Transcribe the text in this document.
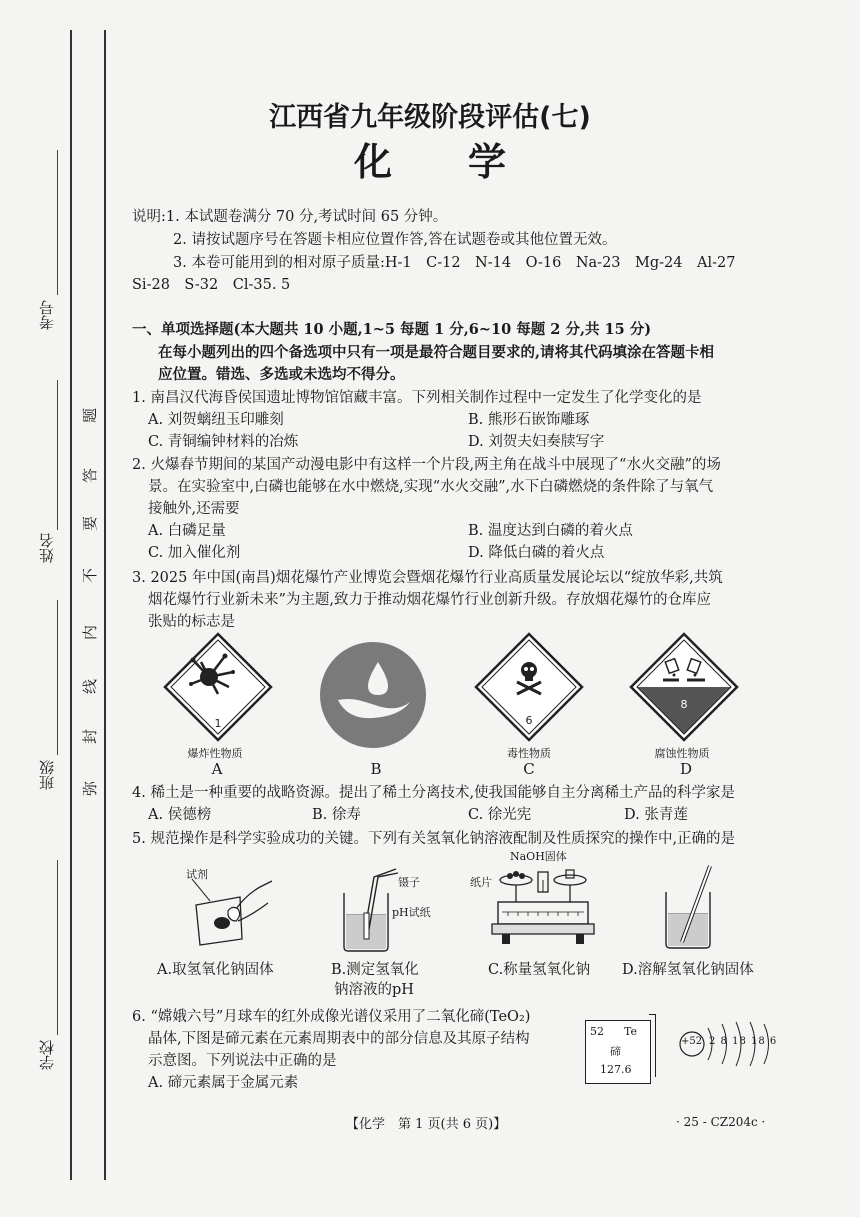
考号
姓名
班级
学校
题
答
要
不
内
线
封
弥
江西省九年级阶段评估(七)
化　　学
说明:1. 本试题卷满分 70 分,考试时间 65 分钟。
2. 请按试题序号在答题卡相应位置作答,答在试题卷或其他位置无效。
3. 本卷可能用到的相对原子质量:H-1　C-12　N-14　O-16　Na-23　Mg-24　Al-27
Si-28　S-32　Cl-35. 5
一、单项选择题(本大题共 10 小题,1~5 每题 1 分,6~10 每题 2 分,共 15 分)
在每小题列出的四个备选项中只有一项是最符合题目要求的,请将其代码填涂在答题卡相
应位置。错选、多选或未选均不得分。
1. 南昌汉代海昏侯国遗址博物馆馆藏丰富。下列相关制作过程中一定发生了化学变化的是
A. 刘贺螭纽玉印雕刻	B. 熊形石嵌饰雕琢
C. 青铜编钟材料的冶炼	D. 刘贺夫妇奏牍写字
2. 火爆春节期间的某国产动漫电影中有这样一个片段,两主角在战斗中展现了“水火交融”的场
景。在实验室中,白磷也能够在水中燃烧,实现“水火交融”,水下白磷燃烧的条件除了与氧气
接触外,还需要
A. 白磷足量	B. 温度达到白磷的着火点
C. 加入催化剂	D. 降低白磷的着火点
3. 2025 年中国(南昌)烟花爆竹产业博览会暨烟花爆竹行业高质量发展论坛以“绽放华彩,共筑
烟花爆竹行业新未来”为主题,致力于推动烟花爆竹行业创新升级。存放烟花爆竹的仓库应
张贴的标志是
1
爆炸性物质
A	B
6
毒性物质
C
8
腐蚀性物质
D
4. 稀土是一种重要的战略资源。提出了稀土分离技术,使我国能够自主分离稀土产品的科学家是
A. 侯德榜	B. 徐寿	C. 徐光宪	D. 张青莲
5. 规范操作是科学实验成功的关键。下列有关氢氧化钠溶液配制及性质探究的操作中,正确的是
试剂
A.取氢氧化钠固体
镊子
pH试纸
B.测定氢氧化
钠溶液的pH
NaOH固体
纸片
C.称量氢氧化钠 D.溶解氢氧化钠固体
6. “嫦娥六号”月球车的红外成像光谱仪采用了二氧化碲(TeO₂)
晶体,下图是碲元素在元素周期表中的部分信息及其原子结构
示意图。下列说法中正确的是
A. 碲元素属于金属元素
52 Te
碲
127.6
+52 2 8 18 18 6
【化学　第 1 页(共 6 页)】	· 25 - CZ204c ·
